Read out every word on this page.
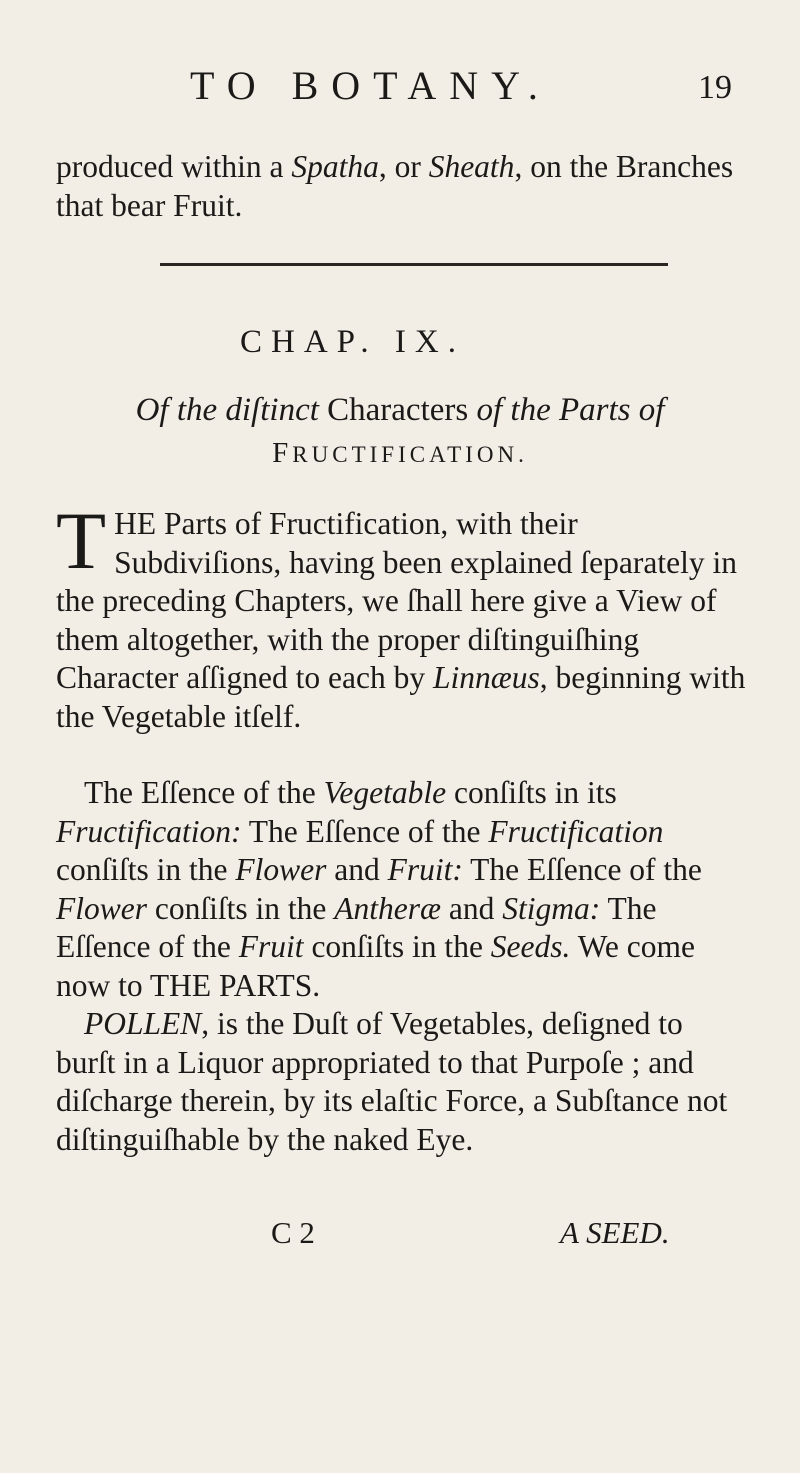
TO BOTANY.	19

produced within a Spatha, or Sheath, on the Branches that bear Fruit.

CHAP. IX.
Of the diſtinct Characters of the Parts of
FRUCTIFICATION.

THE Parts of Fructification, with their Subdiviſions, having been explained ſeparately in the preceding Chapters, we ſhall here give a View of them altogether, with the proper diſtinguiſhing Character aſſigned to each by Linnæus, beginning with the Vegetable itſelf.

The Eſſence of the Vegetable conſiſts in its Fructification: The Eſſence of the Fructification conſiſts in the Flower and Fruit: The Eſſence of the Flower conſiſts in the Antheræ and Stigma: The Eſſence of the Fruit conſiſts in the Seeds. We come now to THE PARTS.

POLLEN, is the Duſt of Vegetables, deſigned to burſt in a Liquor appropriated to that Purpoſe ; and diſcharge therein, by its elaſtic Force, a Subſtance not diſtinguiſhable by the naked Eye.

C 2	A SEED.
